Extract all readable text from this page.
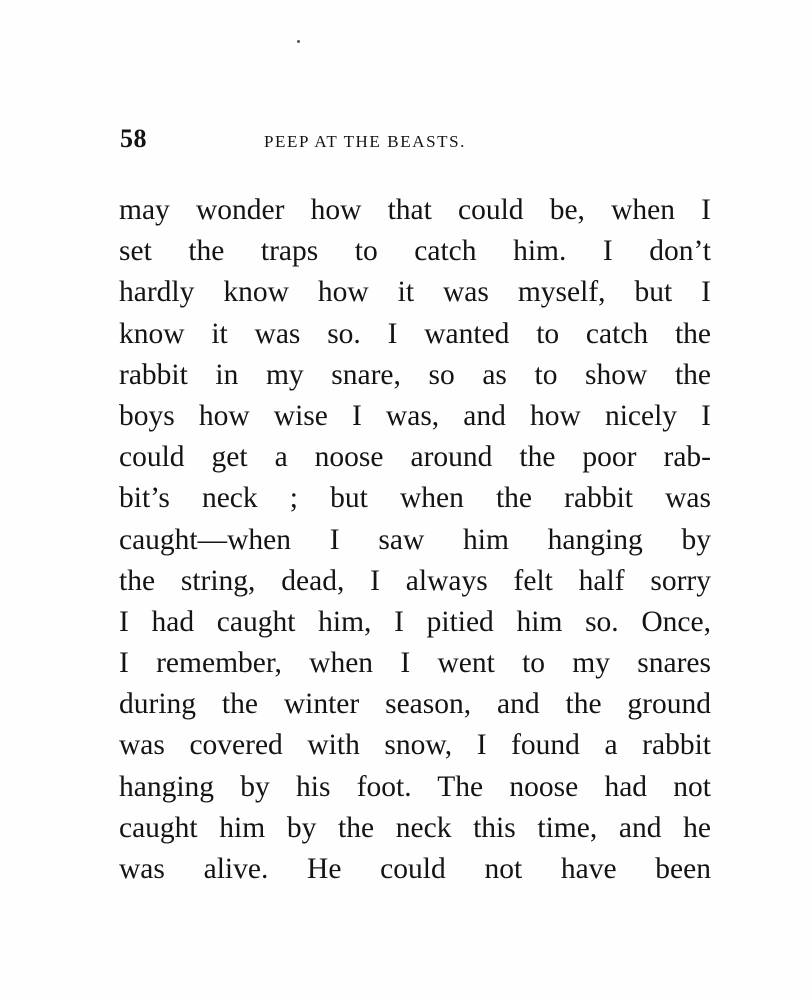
58	PEEP AT THE BEASTS.
may wonder how that could be, when I
set the traps to catch him. I don’t
hardly know how it was myself, but I
know it was so. I wanted to catch the
rabbit in my snare, so as to show the
boys how wise I was, and how nicely I
could get a noose around the poor rab-
bit’s neck ; but when the rabbit was
caught—when I saw him hanging by
the string, dead, I always felt half sorry
I had caught him, I pitied him so. Once,
I remember, when I went to my snares
during the winter season, and the ground
was covered with snow, I found a rabbit
hanging by his foot. The noose had not
caught him by the neck this time, and he
was alive. He could not have been
